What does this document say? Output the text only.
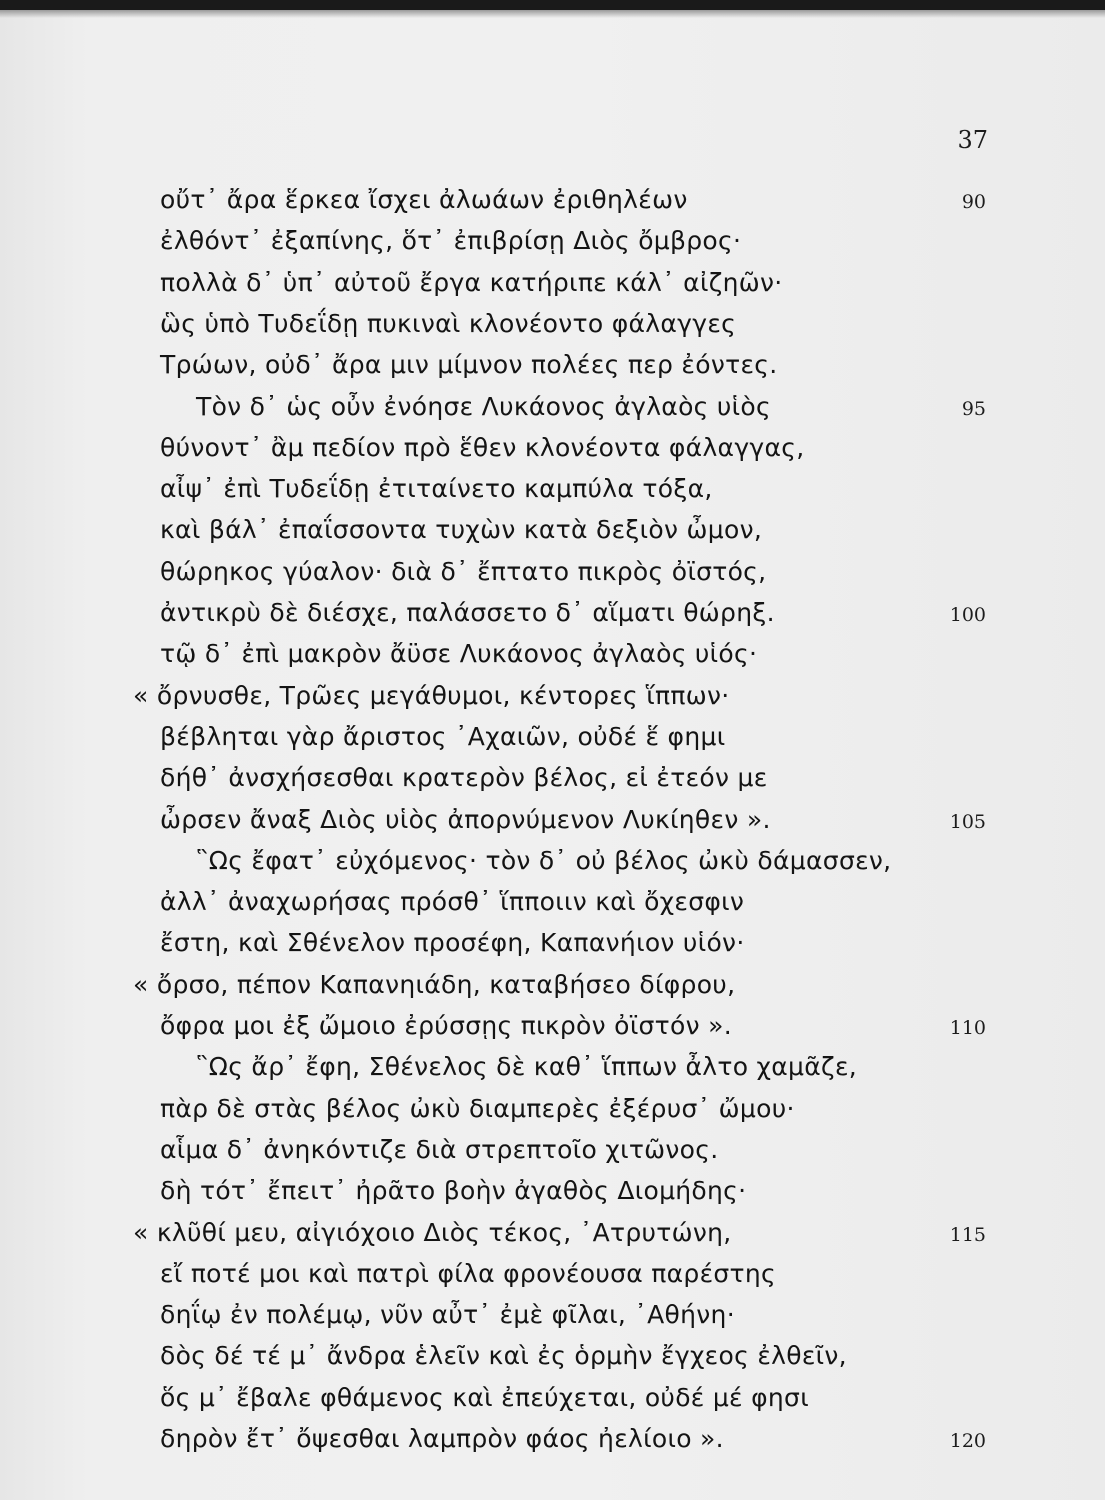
37
οὔτ᾽ ἄρα ἕρκεα ἴσχει ἀλωάων ἐριθηλέων	90
ἐλθόντ᾽ ἐξαπίνης, ὅτ᾽ ἐπιβρίσῃ Διὸς ὄμβρος·
πολλὰ δ᾽ ὑπ᾽ αὐτοῦ ἔργα κατήριπε κάλ᾽ αἰζηῶν·
ὣς ὑπὸ Τυδεΐδῃ πυκιναὶ κλονέοντο φάλαγγες
Τρώων, οὐδ᾽ ἄρα μιν μίμνον πολέες περ ἐόντες.
Τὸν δ᾽ ὡς οὖν ἐνόησε Λυκάονος ἀγλαὸς υἱὸς	95
θύνοντ᾽ ἂμ πεδίον πρὸ ἕθεν κλονέοντα φάλαγγας,
αἶψ᾽ ἐπὶ Τυδεΐδῃ ἐτιταίνετο καμπύλα τόξα,
καὶ βάλ᾽ ἐπαΐσσοντα τυχὼν κατὰ δεξιὸν ὦμον,
θώρηκος γύαλον· διὰ δ᾽ ἔπτατο πικρὸς ὀϊστός,
ἀντικρὺ δὲ διέσχε, παλάσσετο δ᾽ αἵματι θώρηξ.	100
τῷ δ᾽ ἐπὶ μακρὸν ἄϋσε Λυκάονος ἀγλαὸς υἱός·
« ὄρνυσθε, Τρῶες μεγάθυμοι, κέντορες ἵππων·
βέβληται γὰρ ἄριστος ᾽Αχαιῶν, οὐδέ ἕ φημι
δήθ᾽ ἀνσχήσεσθαι κρατερὸν βέλος, εἰ ἐτεόν με
ὦρσεν ἄναξ Διὸς υἱὸς ἀπορνύμενον Λυκίηθεν ».	105
῝Ως ἔφατ᾽ εὐχόμενος· τὸν δ᾽ οὐ βέλος ὠκὺ δάμασσεν,
ἀλλ᾽ ἀναχωρήσας πρόσθ᾽ ἵπποιιν καὶ ὄχεσφιν
ἔστη, καὶ Σθένελον προσέφη, Καπανήιον υἱόν·
« ὄρσο, πέπον Καπανηιάδη, καταβήσεο δίφρου,
ὄφρα μοι ἐξ ὤμοιο ἐρύσσῃς πικρὸν ὀϊστόν ».	110
῝Ως ἄρ᾽ ἔφη, Σθένελος δὲ καθ᾽ ἵππων ἆλτο χαμᾶζε,
πὰρ δὲ στὰς βέλος ὠκὺ διαμπερὲς ἐξέρυσ᾽ ὤμου·
αἷμα δ᾽ ἀνηκόντιζε διὰ στρεπτοῖο χιτῶνος.
δὴ τότ᾽ ἔπειτ᾽ ἠρᾶτο βοὴν ἀγαθὸς Διομήδης·
« κλῦθί μευ, αἰγιόχοιο Διὸς τέκος, ᾽Ατρυτώνη,	115
εἴ ποτέ μοι καὶ πατρὶ φίλα φρονέουσα παρέστης
δηΐῳ ἐν πολέμῳ, νῦν αὖτ᾽ ἐμὲ φῖλαι, ᾽Αθήνη·
δὸς δέ τέ μ᾽ ἄνδρα ἑλεῖν καὶ ἐς ὁρμὴν ἔγχεος ἐλθεῖν,
ὅς μ᾽ ἔβαλε φθάμενος καὶ ἐπεύχεται, οὐδέ μέ φησι
δηρὸν ἔτ᾽ ὄψεσθαι λαμπρὸν φάος ἠελίοιο ».	120
